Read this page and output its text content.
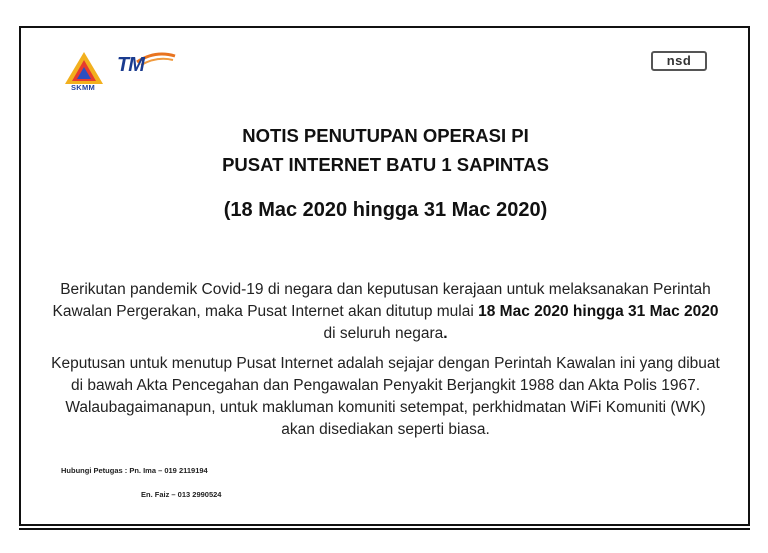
SKMM
TM	nsd
NOTIS PENUTUPAN OPERASI PI
PUSAT INTERNET BATU 1 SAPINTAS
(18 Mac 2020 hingga 31 Mac 2020)
Berikutan pandemik Covid-19 di negara dan keputusan kerajaan untuk melaksanakan Perintah Kawalan Pergerakan, maka Pusat Internet akan ditutup mulai 18 Mac 2020 hingga 31 Mac 2020 di seluruh negara.
Keputusan untuk menutup Pusat Internet adalah sejajar dengan Perintah Kawalan ini yang dibuat di bawah Akta Pencegahan dan Pengawalan Penyakit Berjangkit 1988 dan Akta Polis 1967. Walaubagaimanapun, untuk makluman komuniti setempat, perkhidmatan WiFi Komuniti (WK) akan disediakan seperti biasa.
Hubungi Petugas : Pn. Ima – 019 2119194
En. Faiz – 013 2990524
